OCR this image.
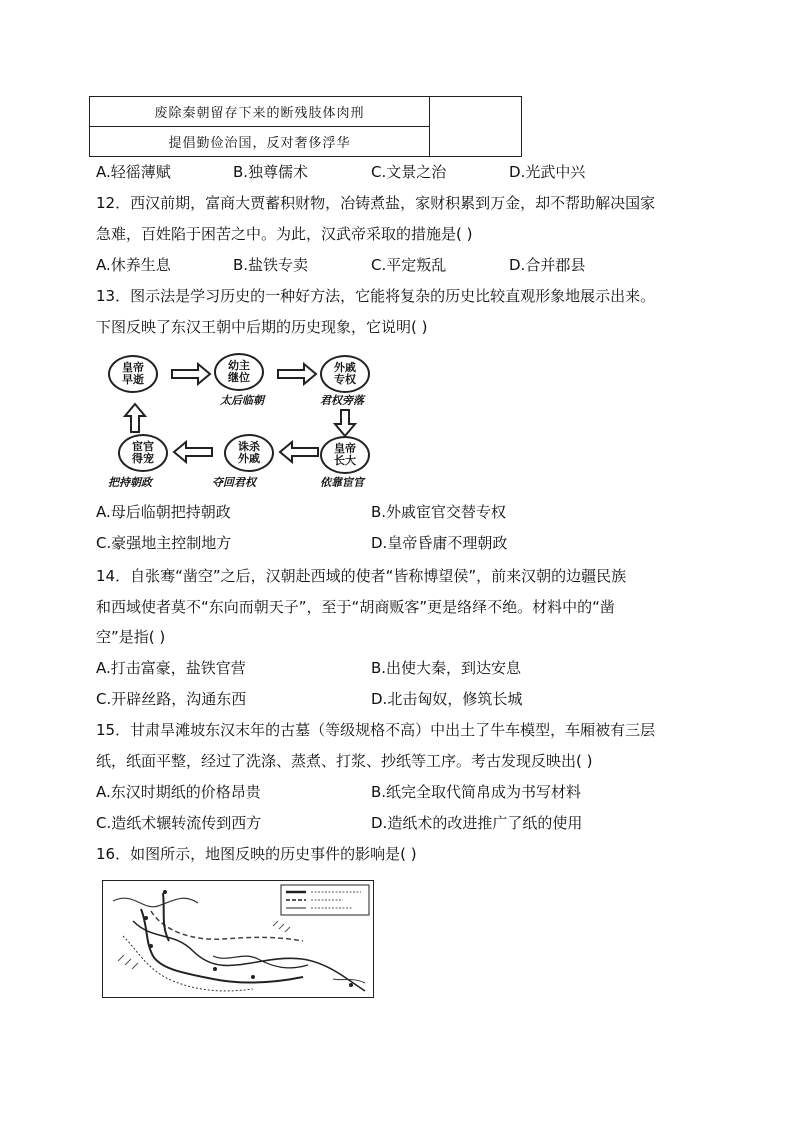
废除秦朝留存下来的断残肢体肉刑	
提倡勤俭治国，反对奢侈浮华
A.轻徭薄赋	B.独尊儒术	C.文景之治	D.光武中兴
12．西汉前期，富商大贾蓄积财物，冶铸煮盐，家财积累到万金，却不帮助解决国家
急难，百姓陷于困苦之中。为此，汉武帝采取的措施是( )
A.休养生息	B.盐铁专卖	C.平定叛乱	D.合并郡县
13．图示法是学习历史的一种好方法，它能将复杂的历史比较直观形象地展示出来。
下图反映了东汉王朝中后期的历史现象，它说明( )
皇帝早逝
幼主继位
外戚专权
皇帝长大
诛杀外戚
宦官得宠
太后临朝	君权旁落
依靠宦官
夺回君权
把持朝政
A.母后临朝把持朝政	B.外戚宦官交替专权
C.豪强地主控制地方	D.皇帝昏庸不理朝政
14．自张骞“凿空”之后，汉朝赴西域的使者“皆称博望侯”，前来汉朝的边疆民族
和西域使者莫不“东向而朝天子”，至于“胡商贩客”更是络绎不绝。材料中的“凿
空”是指( )
A.打击富豪，盐铁官营	B.出使大秦，到达安息
C.开辟丝路，沟通东西	D.北击匈奴，修筑长城
15．甘肃旱滩坡东汉末年的古墓（等级规格不高）中出土了牛车模型，车厢被有三层
纸，纸面平整，经过了洗涤、蒸煮、打浆、抄纸等工序。考古发现反映出( )
A.东汉时期纸的价格昂贵	B.纸完全取代简帛成为书写材料
C.造纸术辗转流传到西方	D.造纸术的改进推广了纸的使用
16．如图所示，地图反映的历史事件的影响是( )
